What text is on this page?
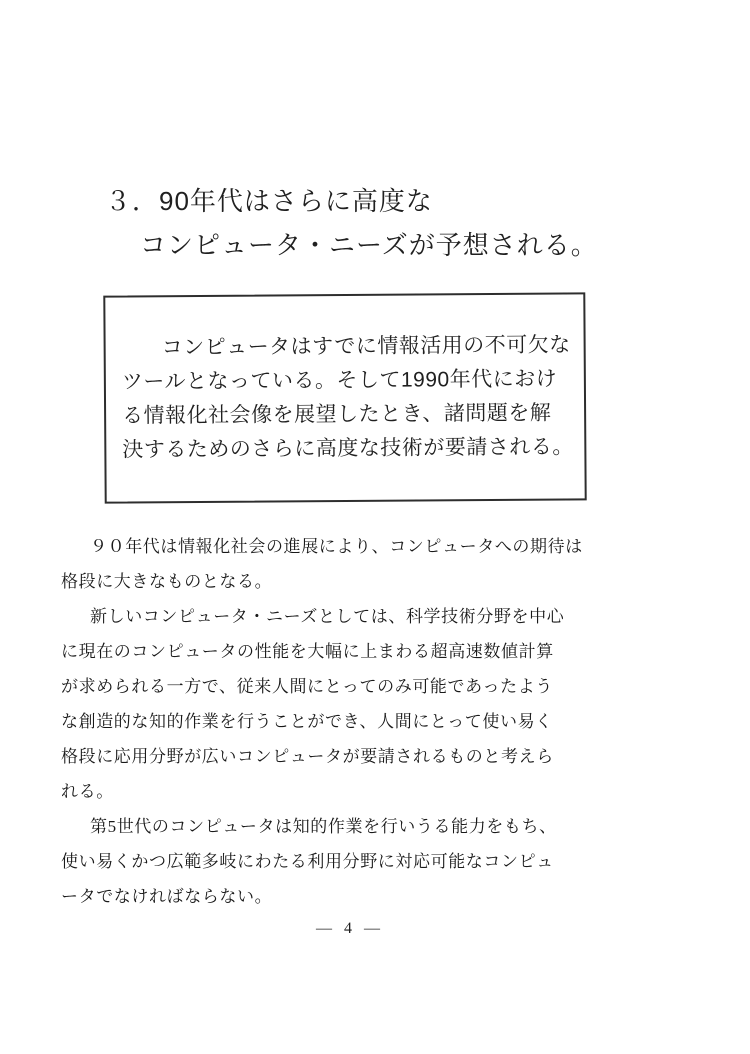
３．90年代はさらに高度な
コンピュータ・ニーズが予想される。
コンピュータはすでに情報活用の不可欠な
ツールとなっている。そして1990年代におけ
る情報化社会像を展望したとき、諸問題を解
決するためのさらに高度な技術が要請される。
９０年代は情報化社会の進展により、コンピュータへの期待は
格段に大きなものとなる。
新しいコンピュータ・ニーズとしては、科学技術分野を中心
に現在のコンピュータの性能を大幅に上まわる超高速数値計算
が求められる一方で、従来人間にとってのみ可能であったよう
な創造的な知的作業を行うことができ、人間にとって使い易く
格段に応用分野が広いコンピュータが要請されるものと考えら
れる。
第5世代のコンピュータは知的作業を行いうる能力をもち、
使い易くかつ広範多岐にわたる利用分野に対応可能なコンピュ
ータでなければならない。
— 4 —
